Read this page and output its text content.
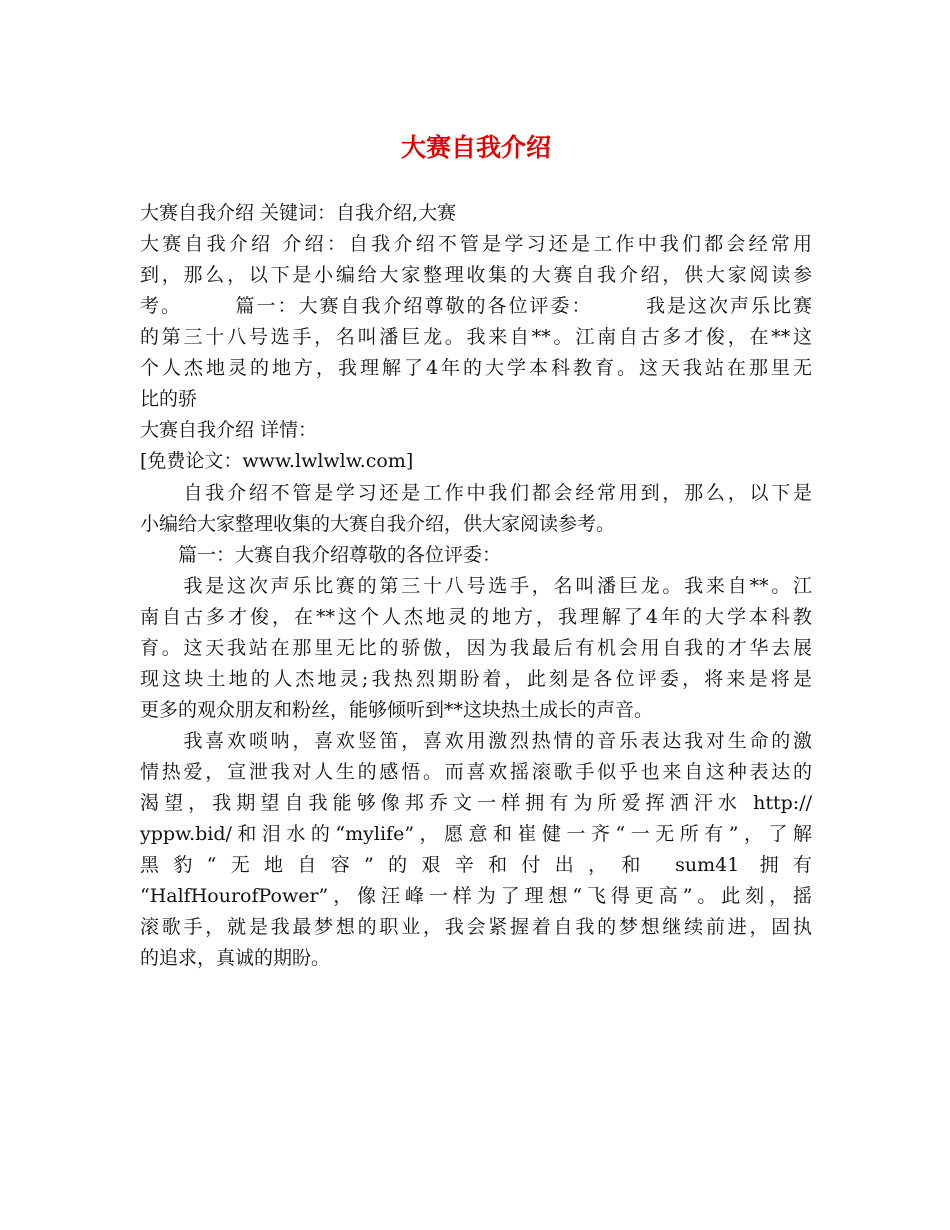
大赛自我介绍

大赛自我介绍 关键词：自我介绍,大赛

大赛自我介绍 介绍：自我介绍不管是学习还是工作中我们都会经常用

到，那么，以下是小编给大家整理收集的大赛自我介绍，供大家阅读参

考。　　　篇一：大赛自我介绍尊敬的各位评委：　　　我是这次声乐比赛

的第三十八号选手，名叫潘巨龙。我来自**。江南自古多才俊，在**这

个人杰地灵的地方，我理解了4年的大学本科教育。这天我站在那里无

比的骄

大赛自我介绍 详情：

[免费论文：www.lwlwlw.com]

　　自我介绍不管是学习还是工作中我们都会经常用到，那么，以下是

小编给大家整理收集的大赛自我介绍，供大家阅读参考。

　　篇一：大赛自我介绍尊敬的各位评委：

　　我是这次声乐比赛的第三十八号选手，名叫潘巨龙。我来自**。江

南自古多才俊，在**这个人杰地灵的地方，我理解了4年的大学本科教

育。这天我站在那里无比的骄傲，因为我最后有机会用自我的才华去展

现这块土地的人杰地灵;我热烈期盼着，此刻是各位评委，将来是将是

更多的观众朋友和粉丝，能够倾听到**这块热土成长的声音。

　　我喜欢唢呐，喜欢竖笛，喜欢用激烈热情的音乐表达我对生命的激

情热爱，宣泄我对人生的感悟。而喜欢摇滚歌手似乎也来自这种表达的

渴望，我期望自我能够像邦乔文一样拥有为所爱挥洒汗水 http://

yppw.bid/和泪水的“mylife”，愿意和崔健一齐“一无所有”，了解

黑豹“无地自容”的艰辛和付出，和 sum41 拥有

“HalfHourofPower”，像汪峰一样为了理想“飞得更高”。此刻，摇

滚歌手，就是我最梦想的职业，我会紧握着自我的梦想继续前进，固执

的追求，真诚的期盼。
